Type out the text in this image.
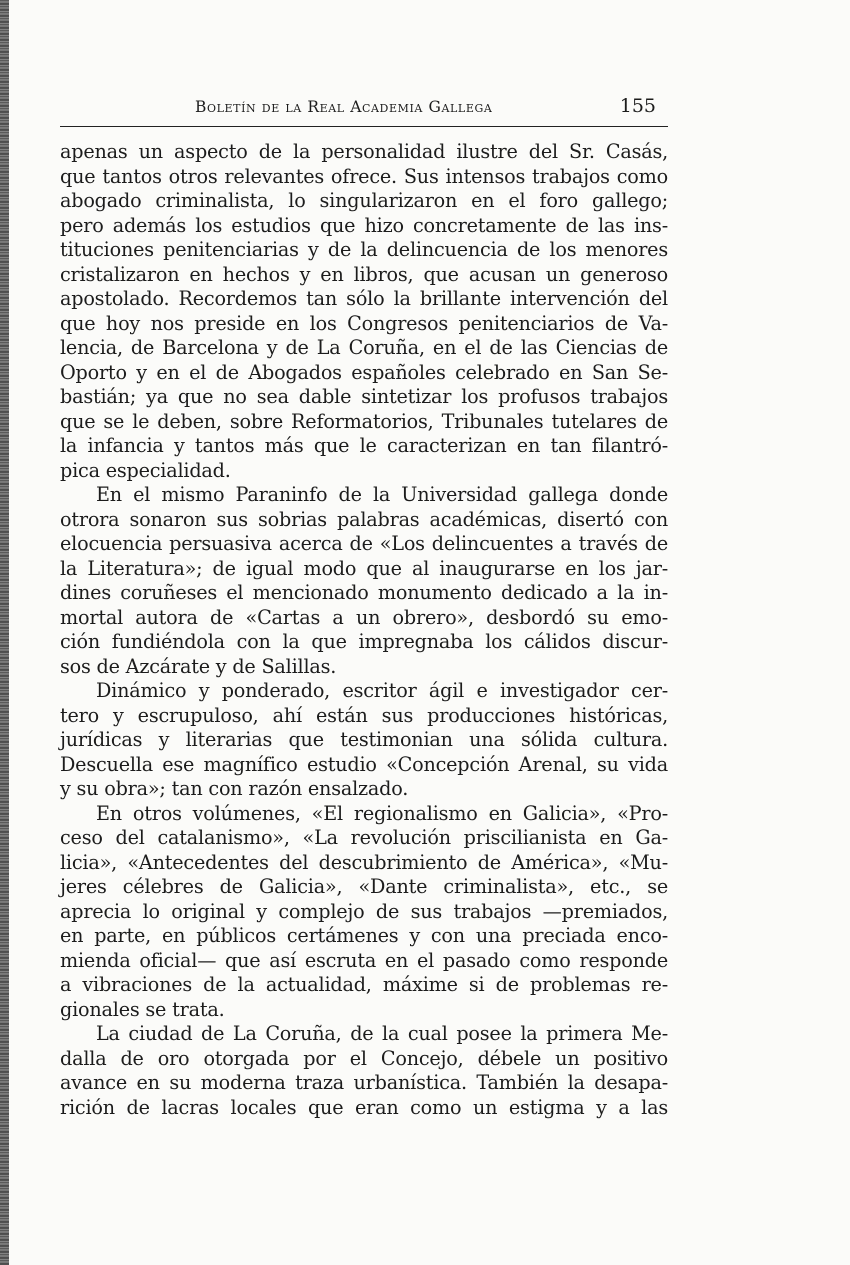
Boletín de la Real Academia Gallega	155
apenas un aspecto de la personalidad ilustre del Sr. Casás,
que tantos otros relevantes ofrece. Sus intensos trabajos como
abogado criminalista, lo singularizaron en el foro gallego;
pero además los estudios que hizo concretamente de las ins-
tituciones penitenciarias y de la delincuencia de los menores
cristalizaron en hechos y en libros, que acusan un generoso
apostolado. Recordemos tan sólo la brillante intervención del
que hoy nos preside en los Congresos penitenciarios de Va-
lencia, de Barcelona y de La Coruña, en el de las Ciencias de
Oporto y en el de Abogados españoles celebrado en San Se-
bastián; ya que no sea dable sintetizar los profusos trabajos
que se le deben, sobre Reformatorios, Tribunales tutelares de
la infancia y tantos más que le caracterizan en tan filantró-
pica especialidad.
En el mismo Paraninfo de la Universidad gallega donde
otrora sonaron sus sobrias palabras académicas, disertó con
elocuencia persuasiva acerca de «Los delincuentes a través de
la Literatura»; de igual modo que al inaugurarse en los jar-
dines coruñeses el mencionado monumento dedicado a la in-
mortal autora de «Cartas a un obrero», desbordó su emo-
ción fundiéndola con la que impregnaba los cálidos discur-
sos de Azcárate y de Salillas.
Dinámico y ponderado, escritor ágil e investigador cer-
tero y escrupuloso, ahí están sus producciones históricas,
jurídicas y literarias que testimonian una sólida cultura.
Descuella ese magnífico estudio «Concepción Arenal, su vida
y su obra»; tan con razón ensalzado.
En otros volúmenes, «El regionalismo en Galicia», «Pro-
ceso del catalanismo», «La revolución priscilianista en Ga-
licia», «Antecedentes del descubrimiento de América», «Mu-
jeres célebres de Galicia», «Dante criminalista», etc., se
aprecia lo original y complejo de sus trabajos —premiados,
en parte, en públicos certámenes y con una preciada enco-
mienda oficial— que así escruta en el pasado como responde
a vibraciones de la actualidad, máxime si de problemas re-
gionales se trata.
La ciudad de La Coruña, de la cual posee la primera Me-
dalla de oro otorgada por el Concejo, débele un positivo
avance en su moderna traza urbanística. También la desapa-
rición de lacras locales que eran como un estigma y a las
